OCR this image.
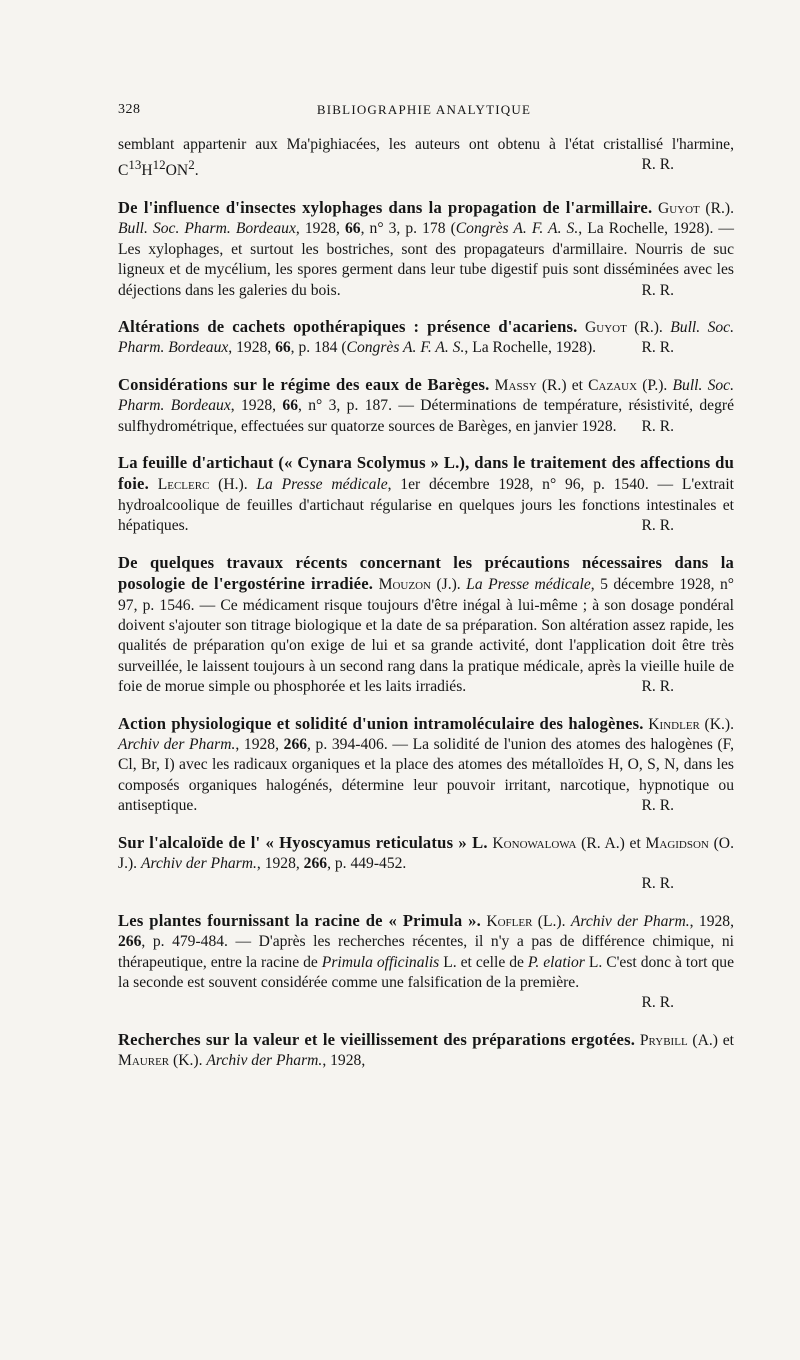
328	BIBLIOGRAPHIE ANALYTIQUE

semblant appartenir aux Ma'pighiacées, les auteurs ont obtenu à l'état cristallisé l'harmine, $C^{13}H^{12}ON^2$.	R. R.

De l'influence d'insectes xylophages dans la propagation de l'armillaire. Guyot (R.). Bull. Soc. Pharm. Bordeaux, 1928, 66, n° 3, p. 178 (Congrès A. F. A. S., La Rochelle, 1928). — Les xylophages, et surtout les bostriches, sont des propagateurs d'armillaire. Nourris de suc ligneux et de mycélium, les spores germent dans leur tube digestif puis sont disséminées avec les déjections dans les galeries du bois.	R. R.

Altérations de cachets opothérapiques : présence d'acariens. Guyot (R.). Bull. Soc. Pharm. Bordeaux, 1928, 66, p. 184 (Congrès A. F. A. S., La Rochelle, 1928).	R. R.

Considérations sur le régime des eaux de Barèges. Massy (R.) et Cazaux (P.). Bull. Soc. Pharm. Bordeaux, 1928, 66, n° 3, p. 187. — Déterminations de température, résistivité, degré sulfhydrométrique, effectuées sur quatorze sources de Barèges, en janvier 1928. R. R.

La feuille d'artichaut (« Cynara Scolymus » L.), dans le traitement des affections du foie. Leclerc (H.). La Presse médicale, 1er décembre 1928, n° 96, p. 1540. — L'extrait hydroalcoolique de feuilles d'artichaut régularise en quelques jours les fonctions intestinales et hépatiques.	R. R.

De quelques travaux récents concernant les précautions nécessaires dans la posologie de l'ergostérine irradiée. Mouzon (J.). La Presse médicale, 5 décembre 1928, n° 97, p. 1546. — Ce médicament risque toujours d'être inégal à lui-même ; à son dosage pondéral doivent s'ajouter son titrage biologique et la date de sa préparation. Son altération assez rapide, les qualités de préparation qu'on exige de lui et sa grande activité, dont l'application doit être très surveillée, le laissent toujours à un second rang dans la pratique médicale, après la vieille huile de foie de morue simple ou phosphorée et les laits irradiés.	R. R.

Action physiologique et solidité d'union intramoléculaire des halogènes. Kindler (K.). Archiv der Pharm., 1928, 266, p. 394-406. — La solidité de l'union des atomes des halogènes (F, Cl, Br, I) avec les radicaux organiques et la place des atomes des métalloïdes H, O, S, N, dans les composés organiques halogénés, détermine leur pouvoir irritant, narcotique, hypnotique ou antiseptique.	R. R.

Sur l'alcaloïde de l' « Hyoscyamus reticulatus » L. Konowalowa (R. A.) et Magidson (O. J.). Archiv der Pharm., 1928, 266, p. 449-452.

R. R.

Les plantes fournissant la racine de « Primula ». Kofler (L.). Archiv der Pharm., 1928, 266, p. 479-484. — D'après les recherches récentes, il n'y a pas de différence chimique, ni thérapeutique, entre la racine de Primula officinalis L. et celle de P. elatior L. C'est donc à tort que la seconde est souvent considérée comme une falsification de la première.

R. R.

Recherches sur la valeur et le vieillissement des préparations ergotées. Prybill (A.) et Maurer (K.). Archiv der Pharm., 1928,
